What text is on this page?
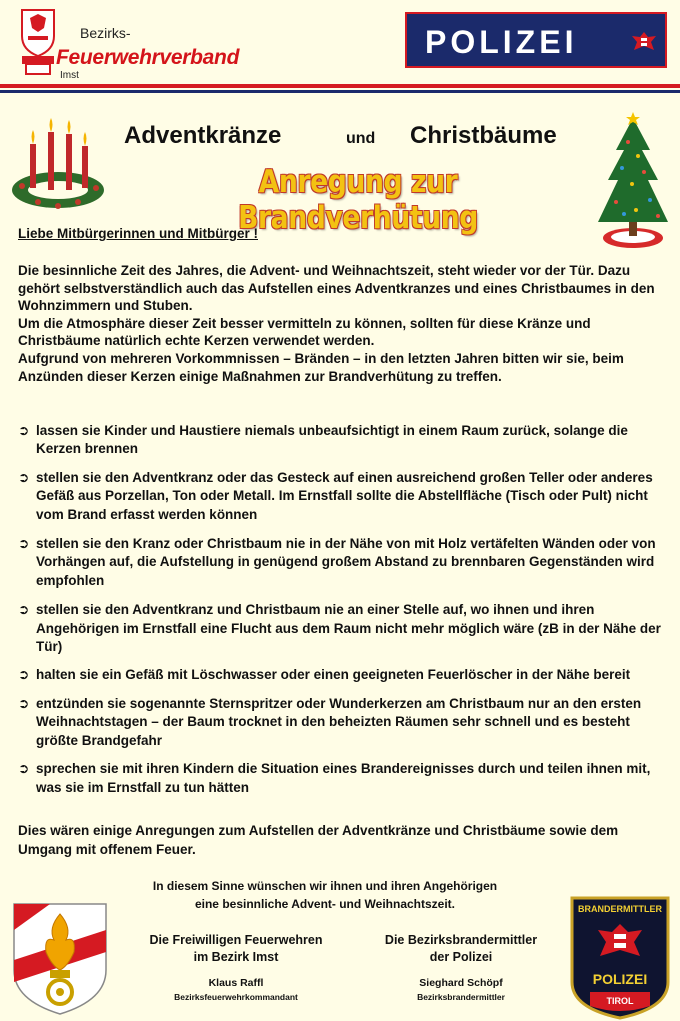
Bezirks-
Feuerwehrverband
Imst
POLIZEI
Adventkränze	und Christbäume
Anregung zur Brandverhütung
Liebe Mitbürgerinnen und Mitbürger !

Die besinnliche Zeit des Jahres, die Advent- und Weihnachtszeit, steht wieder vor der Tür. Dazu gehört selbstverständlich auch das Aufstellen eines Adventkranzes und eines Christbaumes in den Wohnzimmern und Stuben.

Um die Atmosphäre dieser Zeit besser vermitteln zu können, sollten für diese Kränze und Christbäume natürlich echte Kerzen verwendet werden.

Aufgrund von mehreren Vorkommnissen – Bränden – in den letzten Jahren bitten wir sie, beim Anzünden dieser Kerzen einige Maßnahmen zur Brandverhütung zu treffen.

➲ lassen sie Kinder und Haustiere niemals unbeaufsichtigt in einem Raum zurück, solange die Kerzen brennen
➲ stellen sie den Adventkranz oder das Gesteck auf einen ausreichend großen Teller oder anderes Gefäß aus Porzellan, Ton oder Metall. Im Ernstfall sollte die Abstellfläche (Tisch oder Pult) nicht vom Brand erfasst werden können
➲ stellen sie den Kranz oder Christbaum nie in der Nähe von mit Holz vertäfelten Wänden oder von Vorhängen auf, die Aufstellung in genügend großem Abstand zu brennbaren Gegenständen wird empfohlen
➲ stellen sie den Adventkranz und Christbaum nie an einer Stelle auf, wo ihnen und ihren Angehörigen im Ernstfall eine Flucht aus dem Raum nicht mehr möglich wäre (zB in der Nähe der Tür)
➲ halten sie ein Gefäß mit Löschwasser oder einen geeigneten Feuerlöscher in der Nähe bereit
➲ entzünden sie sogenannte Sternspritzer oder Wunderkerzen am Christbaum nur an den ersten Weihnachtstagen – der Baum trocknet in den beheizten Räumen sehr schnell und es besteht größte Brandgefahr
➲ sprechen sie mit ihren Kindern die Situation eines Brandereignisses durch und teilen ihnen mit, was sie im Ernstfall zu tun hätten
Dies wären einige Anregungen zum Aufstellen der Adventkränze und Christbäume sowie dem Umgang mit offenem Feuer.
In diesem Sinne wünschen wir ihnen und ihren Angehörigen
eine besinnliche Advent- und Weihnachtszeit.
Die Freiwilligen Feuerwehren
im Bezirk Imst
Klaus Raffl
Bezirksfeuerwehrkommandant
Die Bezirksbrandermittler
der Polizei
Sieghard Schöpf
Bezirksbrandermittler
BRANDERMITTLER
POLIZEI
TIROL
